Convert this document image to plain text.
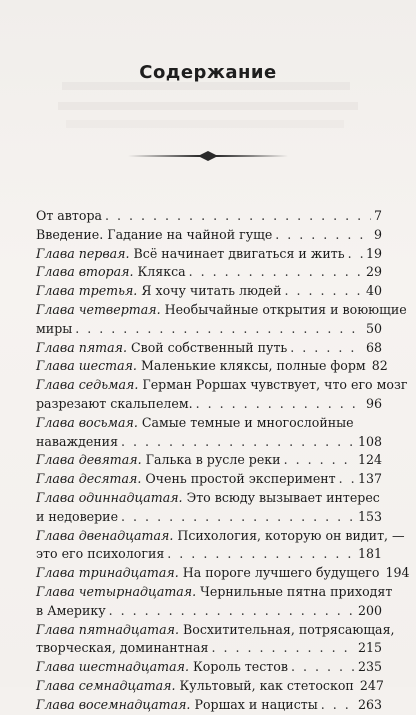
Содержание
От автора . . .	7
Введение. Гадание на чайной гуще . . .	9
Глава первая. Всё начинает двигаться и жить . . . 19
Глава вторая. Клякса . . .	29
Глава третья. Я хочу читать людей . . .	40
Глава четвертая. Необычайные открытия и воюющие
миры . . .	50
Глава пятая. Свой собственный путь . . .	68
Глава шестая. Маленькие кляксы, полные форм 82
Глава седьмая. Герман Роршах чувствует, что его мозг
разрезают скальпелем. . . .	96
Глава восьмая. Самые темные и многослойные
наваждения . . .	108
Глава девятая. Галька в русле реки . . .	124
Глава десятая. Очень простой эксперимент . . . 137
Глава одиннадцатая. Это всюду вызывает интерес
и недоверие . . .	153
Глава двенадцатая. Психология, которую он видит, —
это его психология . . .	181
Глава тринадцатая. На пороге лучшего будущего 194
Глава четырнадцатая. Чернильные пятна приходят
в Америку . . .	200
Глава пятнадцатая. Восхитительная, потрясающая,
творческая, доминантная . . .	215
Глава шестнадцатая. Король тестов . . .	235
Глава семнадцатая. Культовый, как стетоскоп 247
Глава восемнадцатая. Роршах и нацисты . . .	263
